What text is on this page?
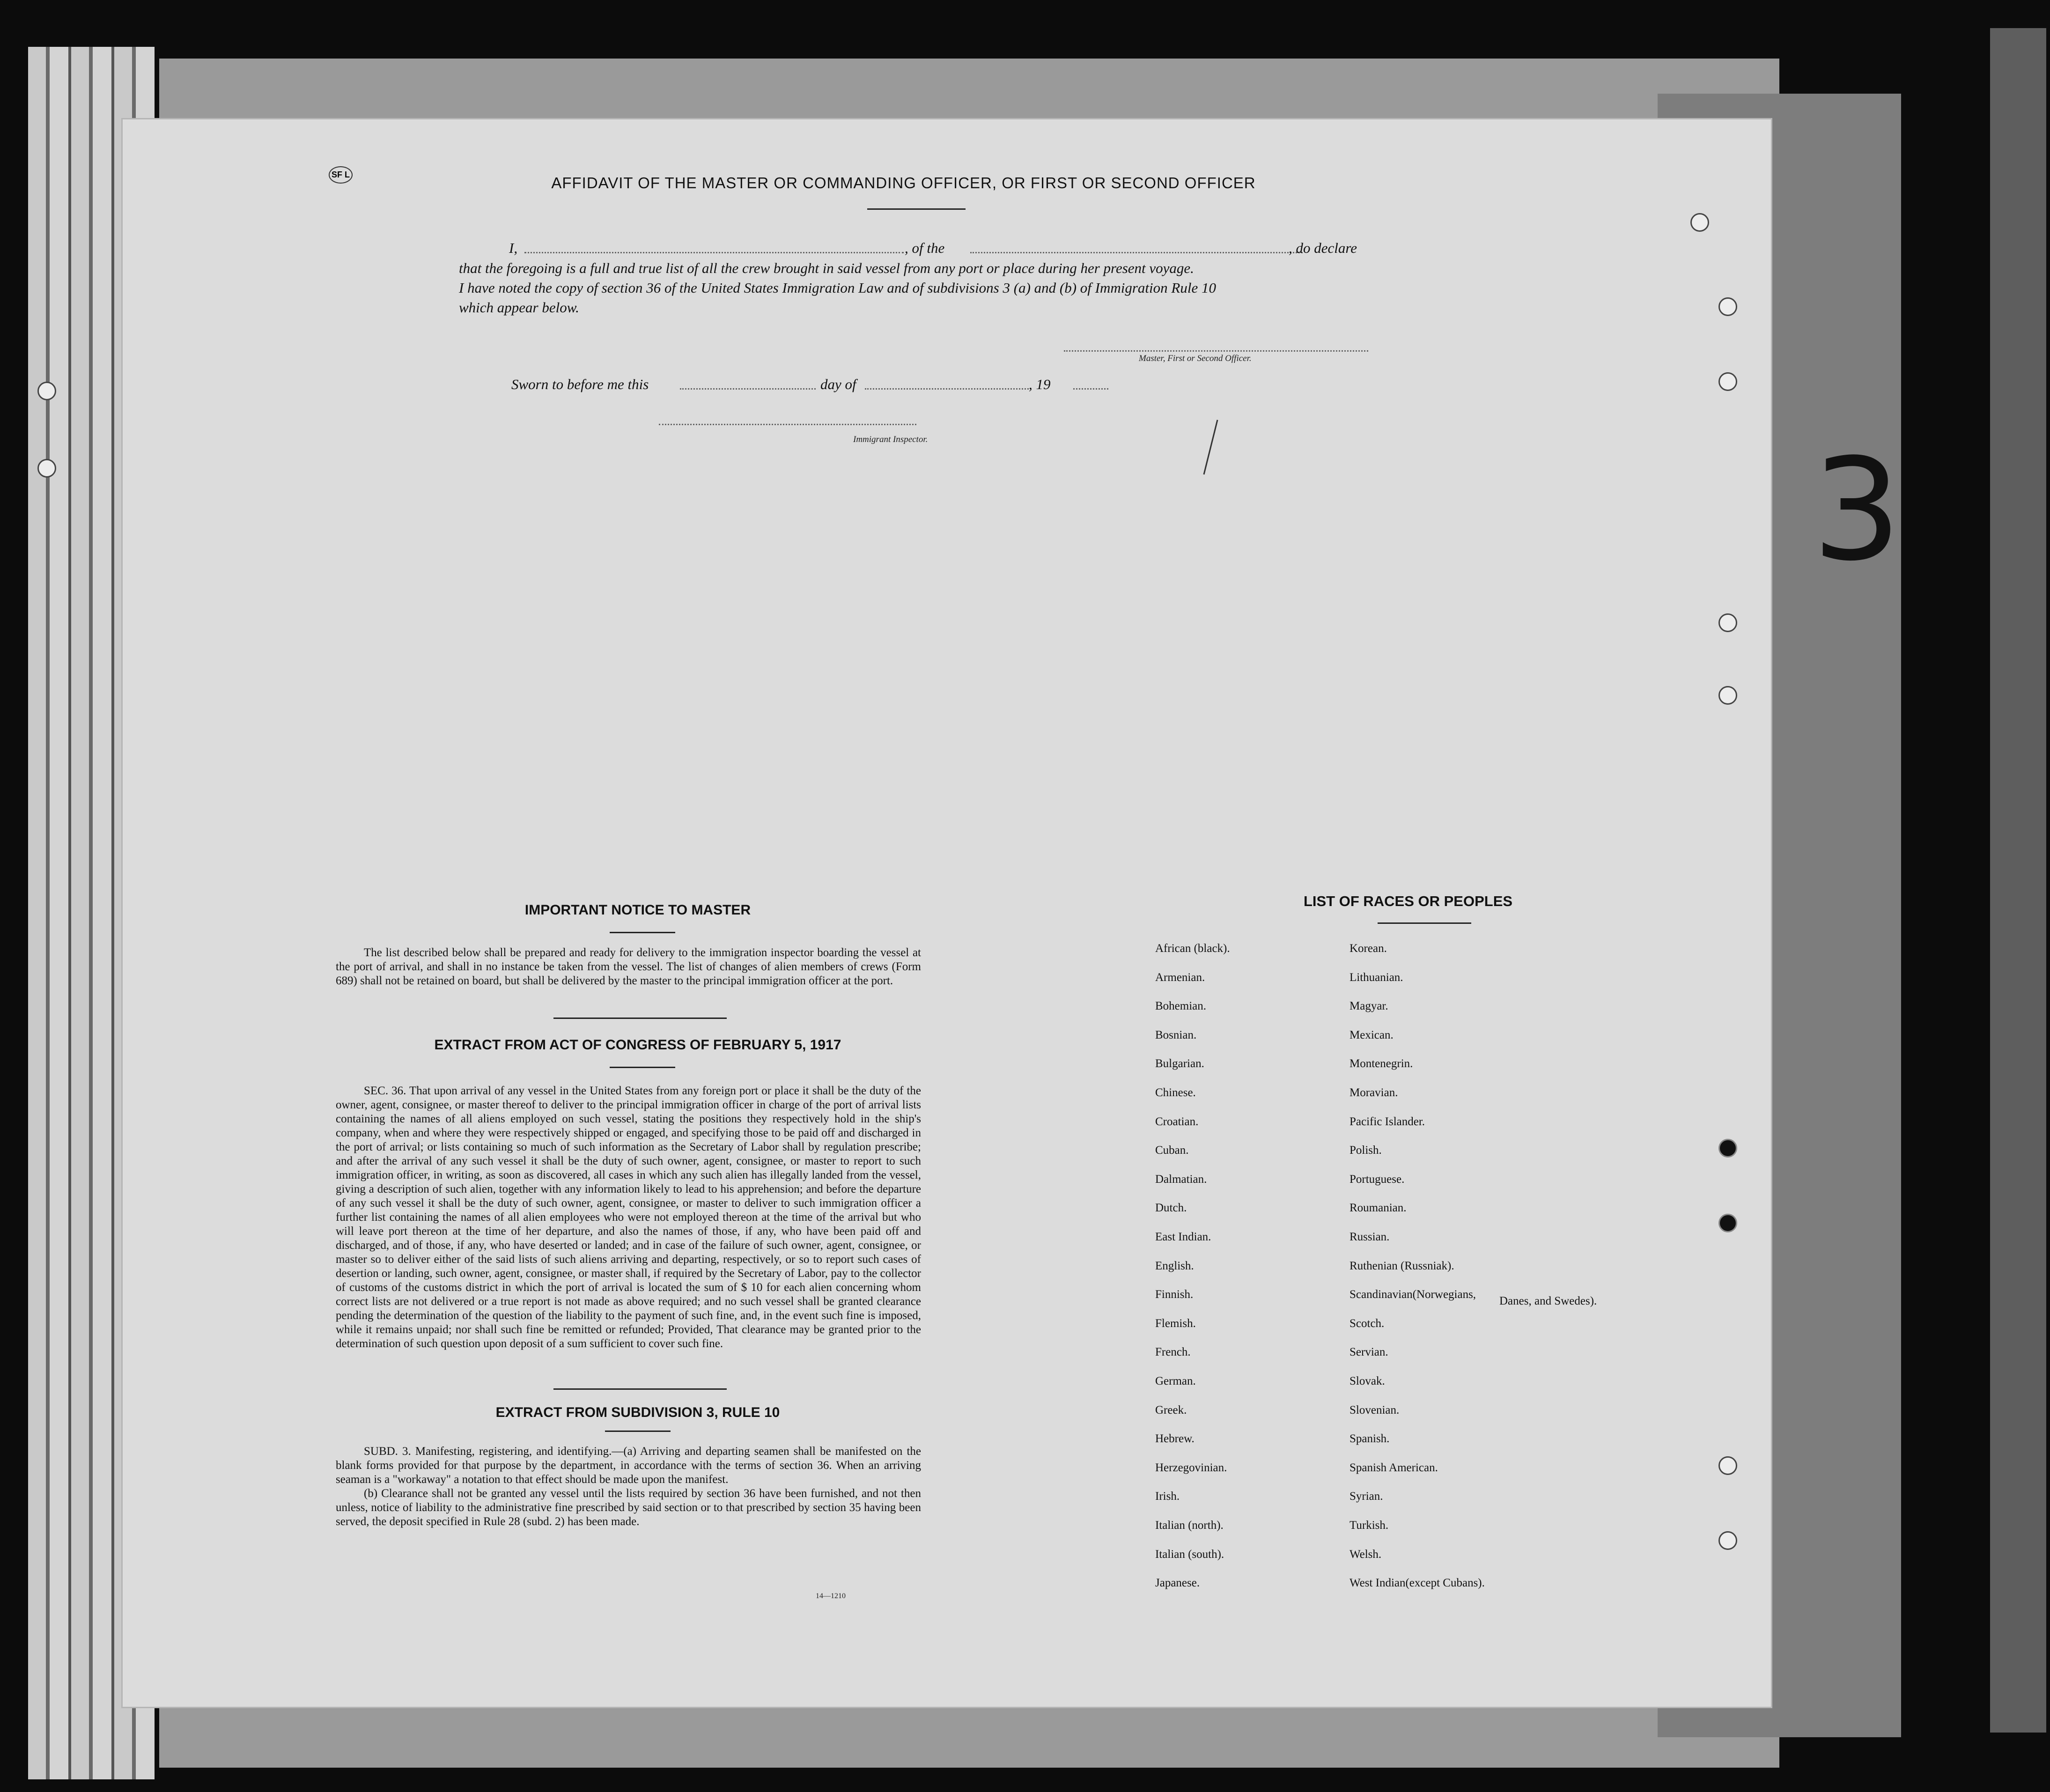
3
SF L	AFFIDAVIT OF THE MASTER OR COMMANDING OFFICER, OR FIRST OR SECOND OFFICER
I,	, of the	, do declare
that the foregoing is a full and true list of all the crew brought in said vessel from any port or place during her present voyage.
I have noted the copy of section 36 of the United States Immigration Law and of subdivisions 3 (a) and (b) of Immigration Rule 10
which appear below.
Master, First or Second Officer.
Sworn to before me this	day of	, 19
Immigrant Inspector.
IMPORTANT NOTICE TO MASTER

The list described below shall be prepared and ready for delivery to the immigration inspector boarding the vessel at the port of arrival, and shall in no instance be taken from the vessel. The list of changes of alien members of crews (Form 689) shall not be retained on board, but shall be delivered by the master to the principal immigration officer at the port.

EXTRACT FROM ACT OF CONGRESS OF FEBRUARY 5, 1917

SEC. 36. That upon arrival of any vessel in the United States from any foreign port or place it shall be the duty of the owner, agent, consignee, or master thereof to deliver to the principal immigration officer in charge of the port of arrival lists containing the names of all aliens employed on such vessel, stating the positions they respectively hold in the ship's company, when and where they were respectively shipped or engaged, and specifying those to be paid off and discharged in the port of arrival; or lists containing so much of such information as the Secretary of Labor shall by regulation prescribe; and after the arrival of any such vessel it shall be the duty of such owner, agent, consignee, or master to report to such immigration officer, in writing, as soon as discovered, all cases in which any such alien has illegally landed from the vessel, giving a description of such alien, together with any information likely to lead to his apprehension; and before the departure of any such vessel it shall be the duty of such owner, agent, consignee, or master to deliver to such immigration officer a further list containing the names of all alien employees who were not employed thereon at the time of the arrival but who will leave port thereon at the time of her departure, and also the names of those, if any, who have been paid off and discharged, and of those, if any, who have deserted or landed; and in case of the failure of such owner, agent, consignee, or master so to deliver either of the said lists of such aliens arriving and departing, respectively, or so to report such cases of desertion or landing, such owner, agent, consignee, or master shall, if required by the Secretary of Labor, pay to the collector of customs of the customs district in which the port of arrival is located the sum of $ 10 for each alien concerning whom correct lists are not delivered or a true report is not made as above required; and no such vessel shall be granted clearance pending the determination of the question of the liability to the payment of such fine, and, in the event such fine is imposed, while it remains unpaid; nor shall such fine be remitted or refunded; Provided, That clearance may be granted prior to the determination of such question upon deposit of a sum sufficient to cover such fine.

EXTRACT FROM SUBDIVISION 3, RULE 10

SUBD. 3. Manifesting, registering, and identifying.—(a) Arriving and departing seamen shall be manifested on the blank forms provided for that purpose by the department, in accordance with the terms of section 36. When an arriving seaman is a "workaway" a notation to that effect should be made upon the manifest.

(b) Clearance shall not be granted any vessel until the lists required by section 36 have been furnished, and not then unless, notice of liability to the administrative fine prescribed by said section or to that prescribed by section 35 having been served, the deposit specified in Rule 28 (subd. 2) has been made.

14—1210
LIST OF RACES OR PEOPLES
African (black).
Armenian.
Bohemian.
Bosnian.
Bulgarian.
Chinese.
Croatian.
Cuban.
Dalmatian.
Dutch.
East Indian.
English.
Finnish.
Flemish.
French.
German.
Greek.
Hebrew.
Herzegovinian.
Irish.
Italian (north).
Italian (south).
Japanese.
Korean.
Lithuanian.
Magyar.
Mexican.
Montenegrin.
Moravian.
Pacific Islander.
Polish.
Portuguese.
Roumanian.
Russian.
Ruthenian (Russniak).
Scandinavian(Norwegians,
Scotch.
Servian.
Slovak.
Slovenian.
Spanish.
Spanish American.
Syrian.
Turkish.
Welsh.
West Indian(except Cubans).
Danes, and Swedes).
